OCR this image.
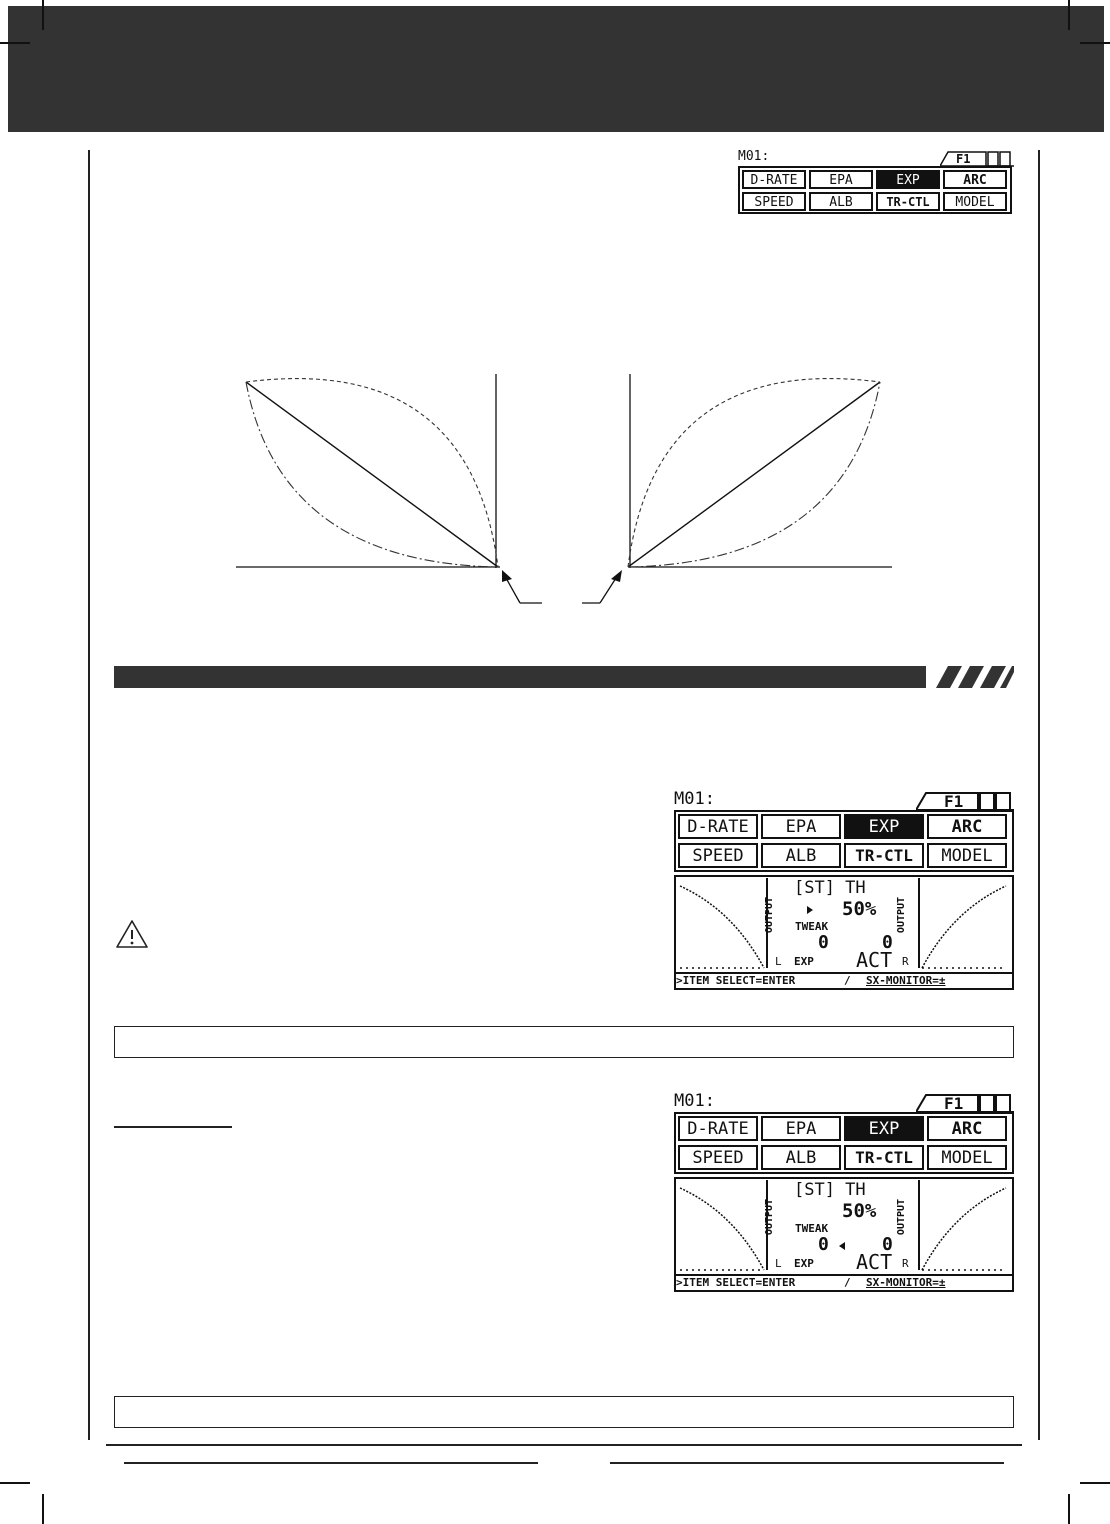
M01:	F1
D-RATE	EPA	EXP	ARC
SPEED	ALB	TR-CTL	MODEL
M01:	F1
D-RATE	EPA	EXP	ARC
SPEED	ALB	TR-CTL	MODEL
OUTPUT	OUTPUT
[ST] TH
50%
TWEAK
0	0
L EXP ACT R
>ITEM SELECT=ENTER	/ SX-MONITOR=±
M01:	F1
D-RATE	EPA	EXP	ARC
SPEED	ALB	TR-CTL	MODEL
OUTPUT	OUTPUT
[ST] TH
50%
TWEAK
0	0
L EXP ACT R
>ITEM SELECT=ENTER	/ SX-MONITOR=±
